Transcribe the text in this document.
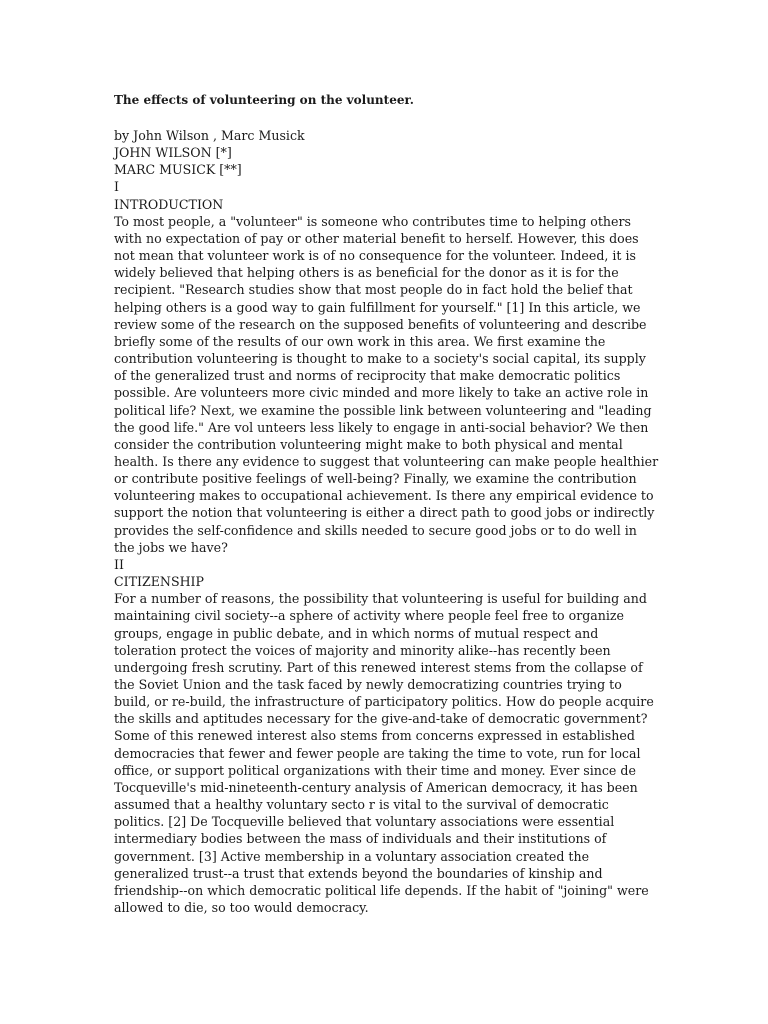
The effects of volunteering on the volunteer.

by John Wilson , Marc Musick

JOHN WILSON [*]

MARC MUSICK [**]

I

INTRODUCTION

To most people, a "volunteer" is someone who contributes time to helping others with no expectation of pay or other material benefit to herself. However, this does not mean that volunteer work is of no consequence for the volunteer. Indeed, it is widely believed that helping others is as beneficial for the donor as it is for the recipient. "Research studies show that most people do in fact hold the belief that helping others is a good way to gain fulfillment for yourself." [1] In this article, we review some of the research on the supposed benefits of volunteering and describe briefly some of the results of our own work in this area. We first examine the contribution volunteering is thought to make to a society's social capital, its supply of the generalized trust and norms of reciprocity that make democratic politics possible. Are volunteers more civic minded and more likely to take an active role in political life? Next, we examine the possible link between volunteering and "leading the good life." Are vol unteers less likely to engage in anti-social behavior? We then consider the contribution volunteering might make to both physical and mental health. Is there any evidence to suggest that volunteering can make people healthier or contribute positive feelings of well-being? Finally, we examine the contribution volunteering makes to occupational achievement. Is there any empirical evidence to support the notion that volunteering is either a direct path to good jobs or indirectly provides the self-confidence and skills needed to secure good jobs or to do well in the jobs we have?

II

CITIZENSHIP

For a number of reasons, the possibility that volunteering is useful for building and maintaining civil society--a sphere of activity where people feel free to organize groups, engage in public debate, and in which norms of mutual respect and toleration protect the voices of majority and minority alike--has recently been undergoing fresh scrutiny. Part of this renewed interest stems from the collapse of the Soviet Union and the task faced by newly democratizing countries trying to build, or re-build, the infrastructure of participatory politics. How do people acquire the skills and aptitudes necessary for the give-and-take of democratic government? Some of this renewed interest also stems from concerns expressed in established democracies that fewer and fewer people are taking the time to vote, run for local office, or support political organizations with their time and money. Ever since de Tocqueville's mid-nineteenth-century analysis of American democracy, it has been assumed that a healthy voluntary secto r is vital to the survival of democratic politics. [2] De Tocqueville believed that voluntary associations were essential intermediary bodies between the mass of individuals and their institutions of government. [3] Active membership in a voluntary association created the generalized trust--a trust that extends beyond the boundaries of kinship and friendship--on which democratic political life depends. If the habit of "joining" were allowed to die, so too would democracy.
